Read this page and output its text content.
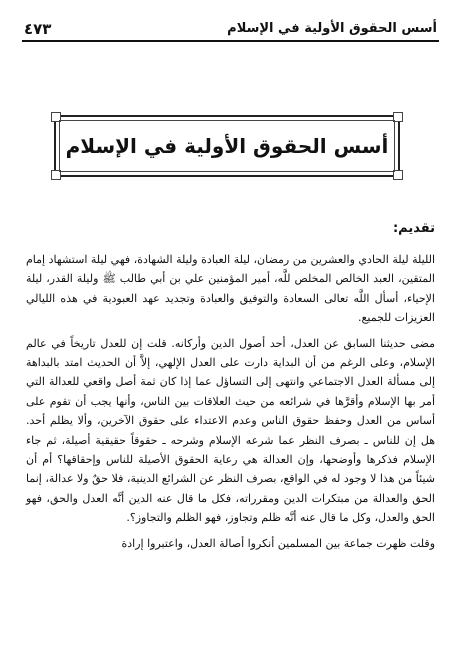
أسس الحقوق الأولية في الإسلام
٤٧٣
أسس الحقوق الأولية في الإسلام
تقديم:

الليلة ليلة الحادي والعشرين من رمضان، ليلة العبادة وليلة الشهادة، فهي ليلة استشهاد إمام المتقين، العبد الخالص المخلص للَّه، أمير المؤمنين علي بن أبي طالب ﷺ وليلة القدر، ليلة الإحياء، أسأل اللَّه تعالى السعادة والتوفيق والعبادة وتجديد عهد العبودية في هذه الليالي العزيزات للجميع.

مضى حديثنا السابق عن العدل، أحد أصول الدين وأركانه. قلت إن للعدل تاريخاً في عالم الإسلام، وعلى الرغم من أن البداية دارت على العدل الإلهي، إلاَّ أن الحديث امتد بالبداهة إلى مسألة العدل الاجتماعي وانتهى إلى التساؤل عما إذا كان ثمة أصل واقعي للعدالة التي أمر بها الإسلام وأقرَّها في شرائعه من حيث العلاقات بين الناس، وأنها يجب أن تقوم على أساس من العدل وحفظ حقوق الناس وعدم الاعتداء على حقوق الآخرين، وألا يظلم أحد. هل إن للناس ـ بصرف النظر عما شرعه الإسلام وشرحه ـ حقوقاً حقيقية أصيلة، ثم جاء الإسلام فذكرها وأوضحها، وإن العدالة هي رعاية الحقوق الأصيلة للناس وإحقاقها؟ أم أن شيئاً من هذا لا وجود له في الواقع، بصرف النظر عن الشرائع الدينية، فلا حقٌ ولا عدالة، إنما الحق والعدالة من مبتكرات الدين ومقرراته، فكل ما قال عنه الدين أنَّه العدل والحق، فهو الحق والعدل، وكل ما قال عنه أنَّه ظلم وتجاوز، فهو الظلم والتجاوز؟.

وقلت ظهرت جماعة بين المسلمين أنكروا أصالة العدل، واعتبروا إرادة
